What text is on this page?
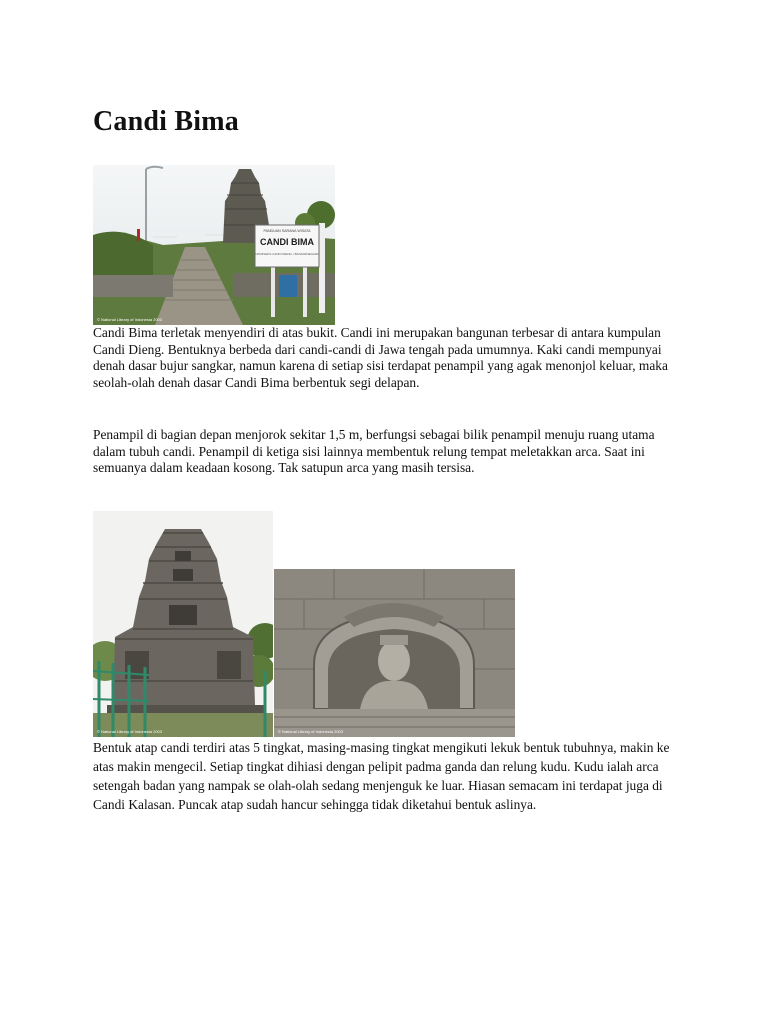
Candi Bima
PANDUAN SARANA WISATA
CANDI BIMA
KOMPLEKS CANDI DIENG • BANJARNEGARA
© National Library of Indonesia 2003

Candi Bima terletak menyendiri di atas bukit. Candi ini merupakan bangunan terbesar di antara kumpulan Candi Dieng. Bentuknya berbeda dari candi-candi di Jawa tengah pada umumnya. Kaki candi mempunyai denah dasar bujur sangkar, namun karena di setiap sisi terdapat penampil yang agak menonjol keluar, maka seolah-olah denah dasar Candi Bima berbentuk segi delapan.

Penampil di bagian depan menjorok sekitar 1,5 m, berfungsi sebagai bilik penampil menuju ruang utama dalam tubuh candi. Penampil di ketiga sisi lainnya membentuk relung tempat meletakkan arca. Saat ini semuanya dalam keadaan kosong. Tak satupun arca yang masih tersisa.

© National Library of Indonesia 2003	© National Library of Indonesia 2003

Bentuk atap candi terdiri atas 5 tingkat, masing-masing tingkat mengikuti lekuk bentuk tubuhnya, makin ke atas makin mengecil. Setiap tingkat dihiasi dengan pelipit padma ganda dan relung kudu. Kudu ialah arca setengah badan yang nampak se olah-olah sedang menjenguk ke luar. Hiasan semacam ini terdapat juga di Candi Kalasan. Puncak atap sudah hancur sehingga tidak diketahui bentuk aslinya.
